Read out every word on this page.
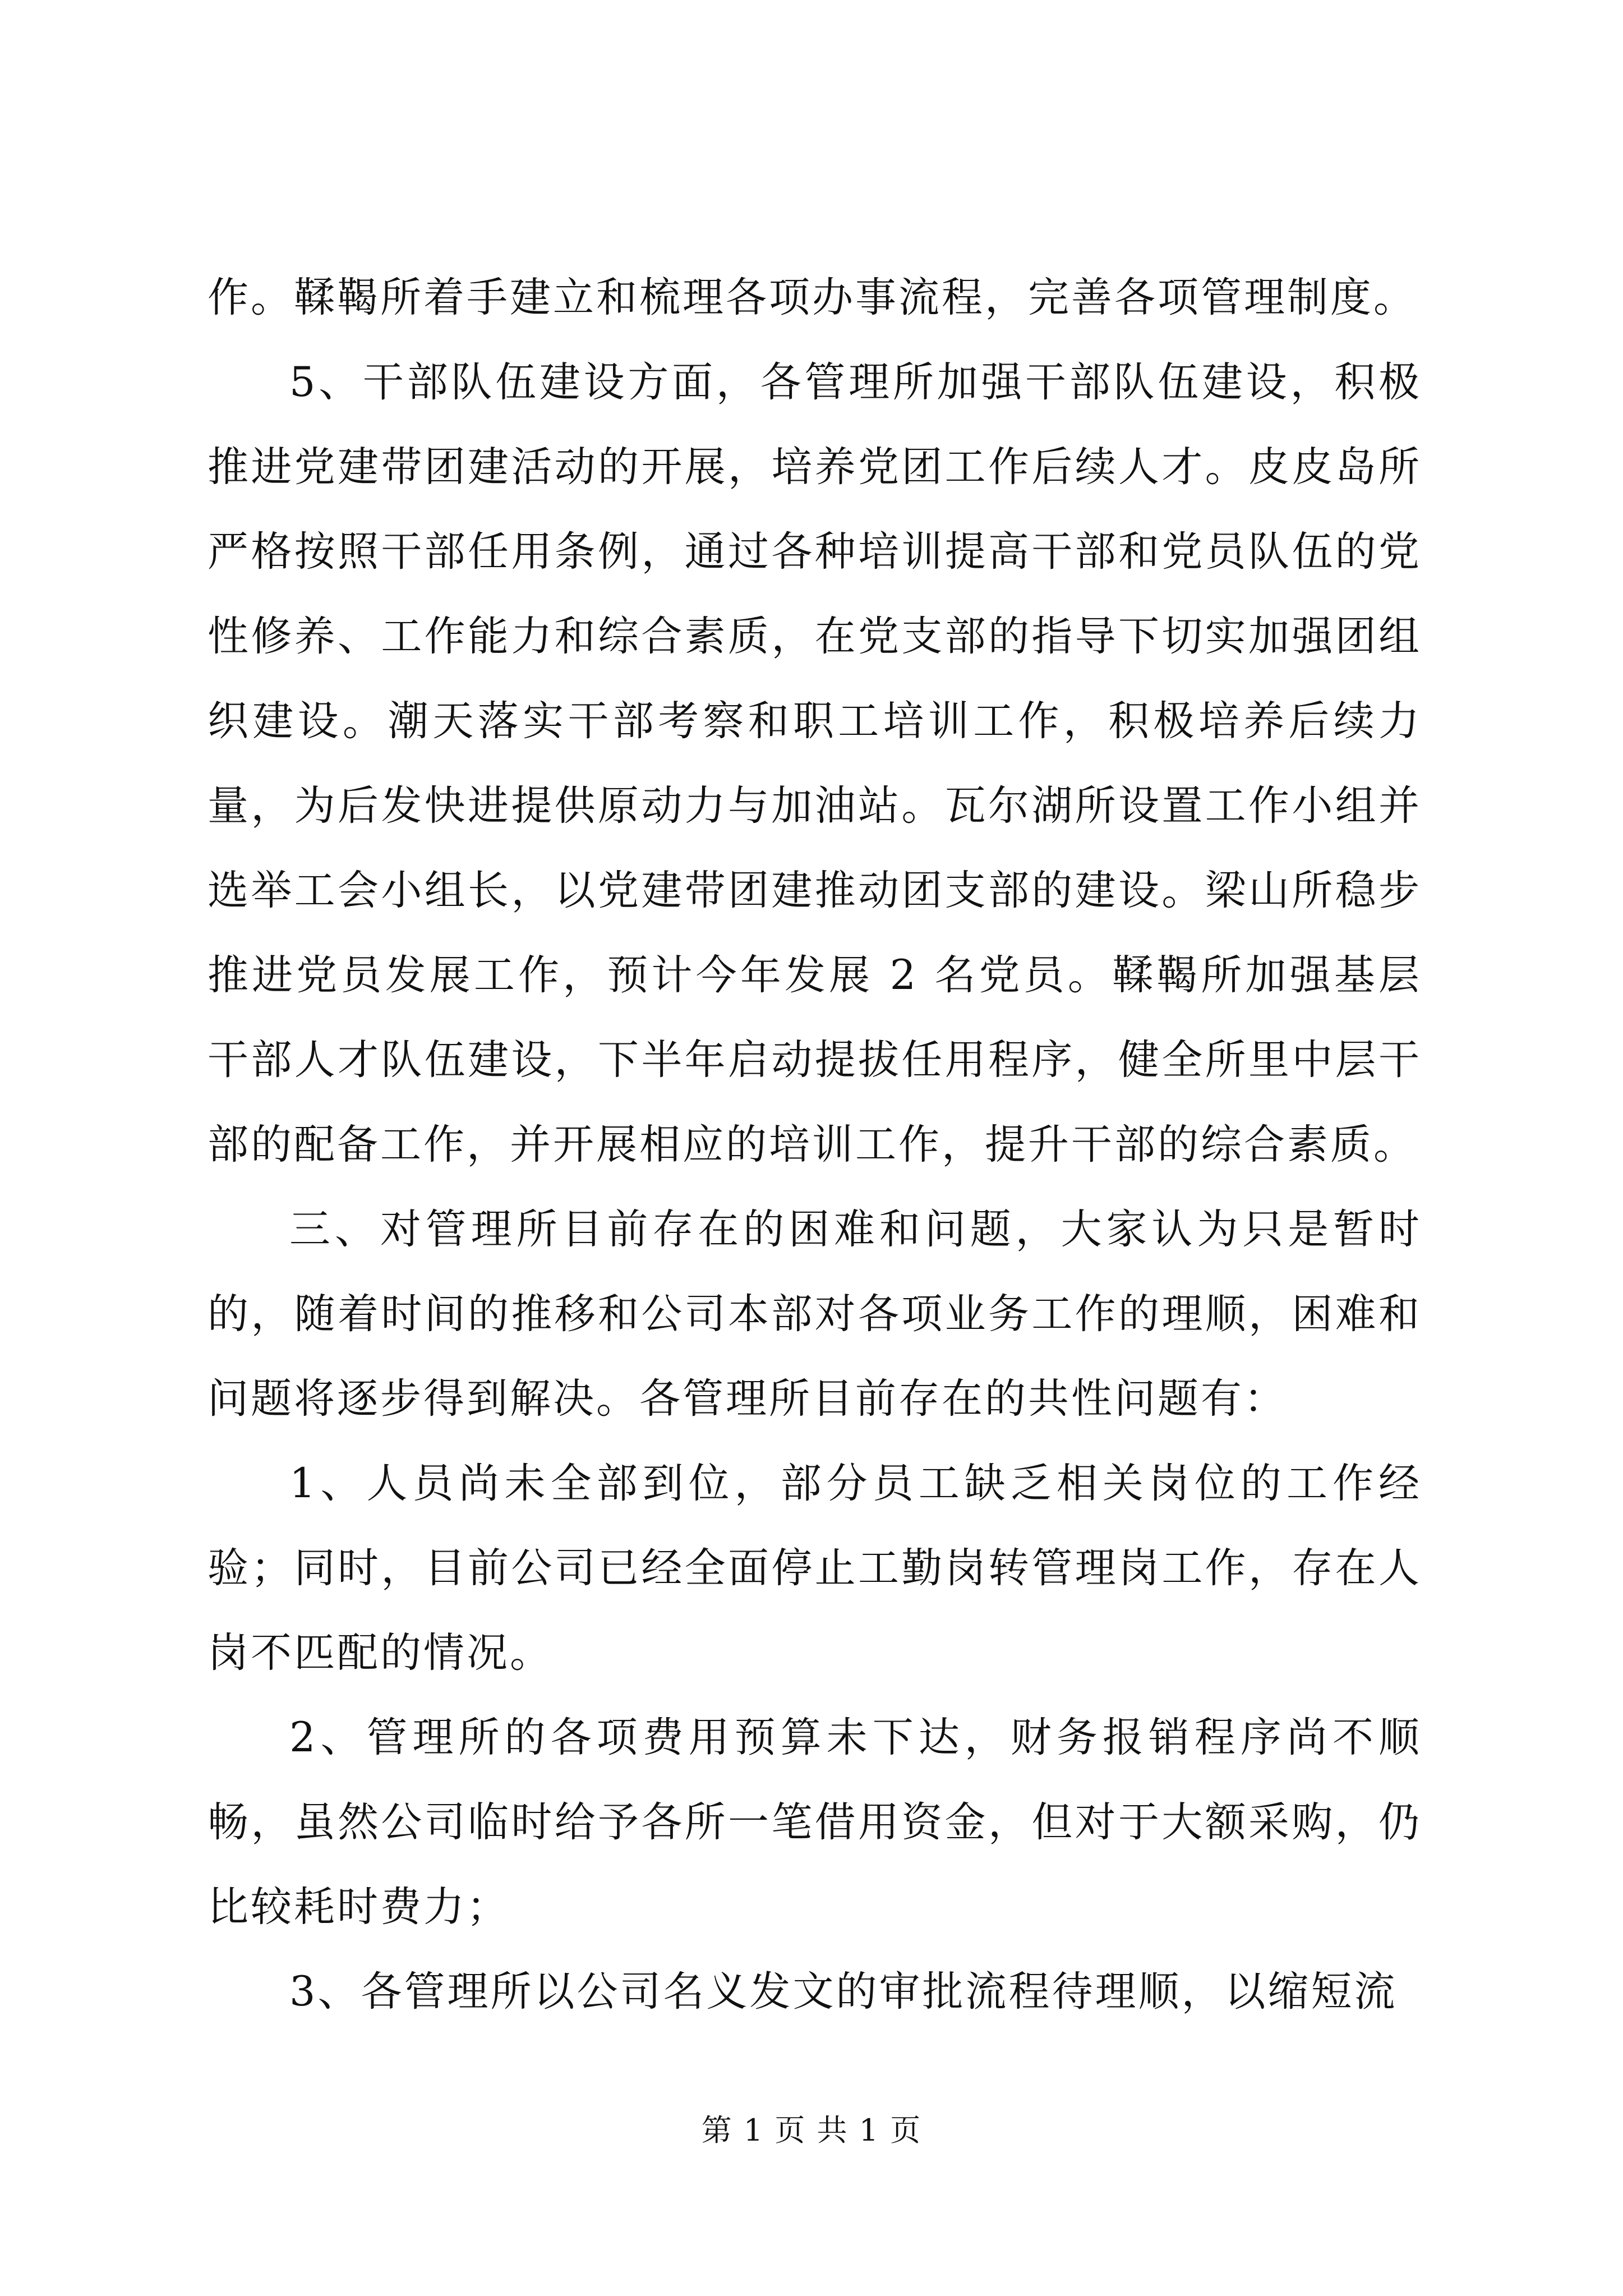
作。鞣鞨所着手建立和梳理各项办事流程，完善各项管理制度。

5、干部队伍建设方面，各管理所加强干部队伍建设，积极推进党建带团建活动的开展，培养党团工作后续人才。皮皮岛所严格按照干部任用条例，通过各种培训提高干部和党员队伍的党性修养、工作能力和综合素质，在党支部的指导下切实加强团组织建设。潮天落实干部考察和职工培训工作，积极培养后续力量，为后发快进提供原动力与加油站。瓦尔湖所设置工作小组并选举工会小组长，以党建带团建推动团支部的建设。梁山所稳步推进党员发展工作，预计今年发展 2 名党员。鞣鞨所加强基层干部人才队伍建设，下半年启动提拔任用程序，健全所里中层干部的配备工作，并开展相应的培训工作，提升干部的综合素质。

三、对管理所目前存在的困难和问题，大家认为只是暂时的，随着时间的推移和公司本部对各项业务工作的理顺，困难和问题将逐步得到解决。各管理所目前存在的共性问题有：

1、人员尚未全部到位，部分员工缺乏相关岗位的工作经验；同时，目前公司已经全面停止工勤岗转管理岗工作，存在人岗不匹配的情况。

2、管理所的各项费用预算未下达，财务报销程序尚不顺畅，虽然公司临时给予各所一笔借用资金，但对于大额采购，仍比较耗时费力；

3、各管理所以公司名义发文的审批流程待理顺，以缩短流

第 1 页 共 1 页
